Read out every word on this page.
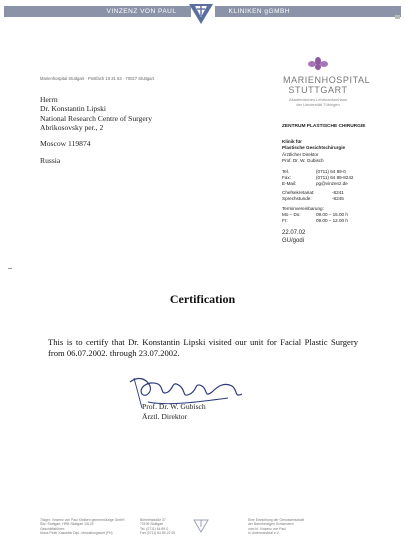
VINZENZ VON PAUL	KLINIKEN gGMBH
Marienhospital Stuttgart · Postfach 10 31 63 · 70027 Stuttgart
Herrn
Dr. Konstantin Lipski
National Research Centre of Surgery
Abrikosovsky per., 2
Moscow 119874
Russia
MARIENHOSPITAL
STUTTGART
Akademisches Lehrkrankenhaus
der Universität Tübingen
ZENTRUM PLASTISCHE CHIRURGIE
Klinik für
Plastische Gesichtschirurgie
Ärztlicher Direktor
Prof. Dr. W. Gubisch
Tel.	(0711) 64 89-0
Fax:	(0711) 64 89-8242
E-Mail:	pg@vinzenz.de
Chefsekretariat:	-8241
Sprechstunde:	-8245
Terminvereinbarung:
Mo – Do:	09.00 – 15.00 h
Fr:	09.00 – 12.00 h
22.07.02
GU/godi
Certification
This is to certify that Dr. Konstantin Lipski visited our unit for Facial Plastic Surgery from 06.07.2002. through 23.07.2002.
Prof. Dr. W. Gubisch
Ärztl. Direktor
Träger: Vinzenz von Paul Kliniken gemeinnützige GmbH
Sitz: Stuttgart, HRB Stuttgart 19125
Geschäftsführer:
Klaus Peter Kasselek Dipl.-Verwaltungswirt (FH)
Böheimstraße 37
70199 Stuttgart
Tel. (0711) 64 89-0
Fax (0711) 64 89-22 09
Eine Einrichtung der Genossenschaft
der Barmherzigen Schwestern
vom hl. Vinzenz von Paul
in Untermarchtal e.V.
